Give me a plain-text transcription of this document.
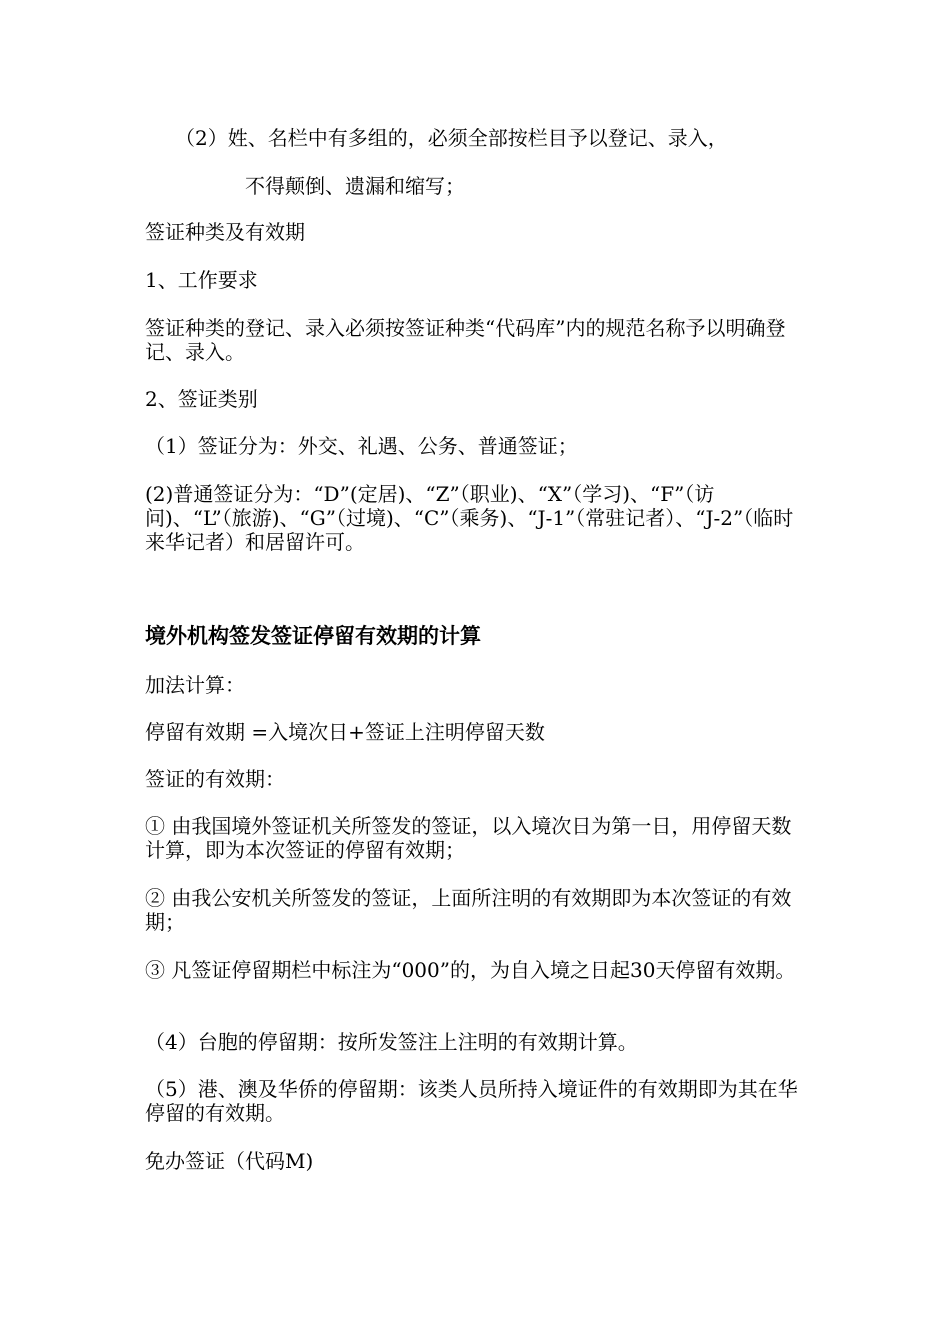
（2）姓、名栏中有多组的，必须全部按栏目予以登记、录入，

不得颠倒、遗漏和缩写；

签证种类及有效期

1、工作要求

签证种类的登记、录入必须按签证种类“代码库”内的规范名称予以明确登记、录入。

2、签证类别

（1）签证分为：外交、礼遇、公务、普通签证；

(2)普通签证分为：“D”(定居)、“Z”（职业)、“X”（学习)、“F”（访问)、“L”（旅游)、“G”（过境)、“C”（乘务)、“J-1”（常驻记者）、“J-2”（临时来华记者）和居留许可。

境外机构签发签证停留有效期的计算

加法计算：

停留有效期 =入境次日+签证上注明停留天数

签证的有效期：

① 由我国境外签证机关所签发的签证，以入境次日为第一日，用停留天数计算，即为本次签证的停留有效期；

② 由我公安机关所签发的签证，上面所注明的有效期即为本次签证的有效期；

③ 凡签证停留期栏中标注为“000”的，为自入境之日起30天停留有效期。

（4）台胞的停留期：按所发签注上注明的有效期计算。

（5）港、澳及华侨的停留期：该类人员所持入境证件的有效期即为其在华停留的有效期。

免办签证（代码M)
